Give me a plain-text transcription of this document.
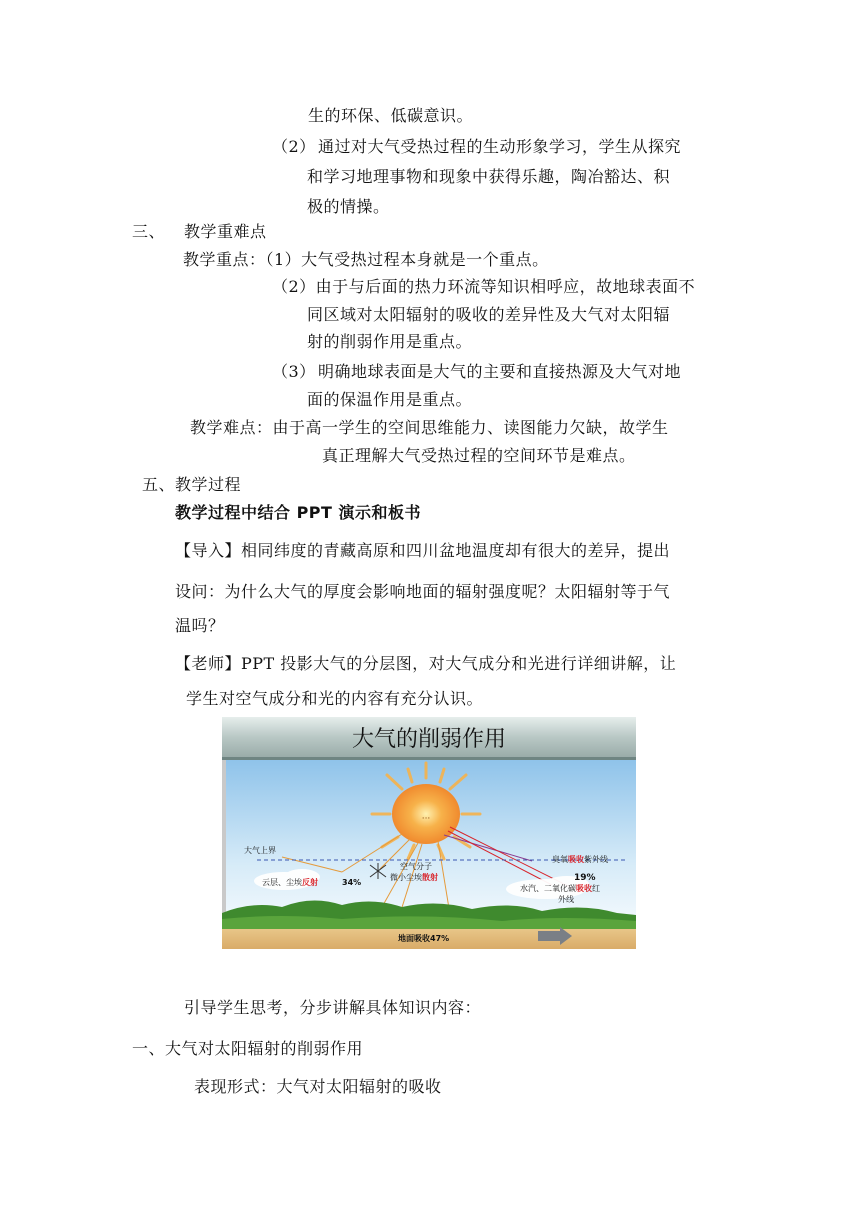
生的环保、低碳意识。
（2） 通过对大气受热过程的生动形象学习，学生从探究
和学习地理事物和现象中获得乐趣，陶冶豁达、积
极的情操。
三、 教学重难点
教学重点：（1）大气受热过程本身就是一个重点。
（2）由于与后面的热力环流等知识相呼应，故地球表面不
同区域对太阳辐射的吸收的差异性及大气对太阳辐
射的削弱作用是重点。
（3） 明确地球表面是大气的主要和直接热源及大气对地
面的保温作用是重点。
教学难点：由于高一学生的空间思维能力、读图能力欠缺，故学生
真正理解大气受热过程的空间环节是难点。
五、教学过程
教学过程中结合 PPT 演示和板书
【导入】相同纬度的青藏高原和四川盆地温度却有很大的差异，提出
设问：为什么大气的厚度会影响地面的辐射强度呢？太阳辐射等于气
温吗？
【老师】PPT 投影大气的分层图，对大气成分和光进行详细讲解，让
学生对空气成分和光的内容有充分认识。
···
大气上界
空气分子
微小尘埃散射
云层、尘埃反射	34%
臭氧吸收紫外线
19%
水汽、二氧化碳吸收红
外线
地面吸收47%
大气的削弱作用
引导学生思考，分步讲解具体知识内容：
一、大气对太阳辐射的削弱作用
表现形式：大气对太阳辐射的吸收
